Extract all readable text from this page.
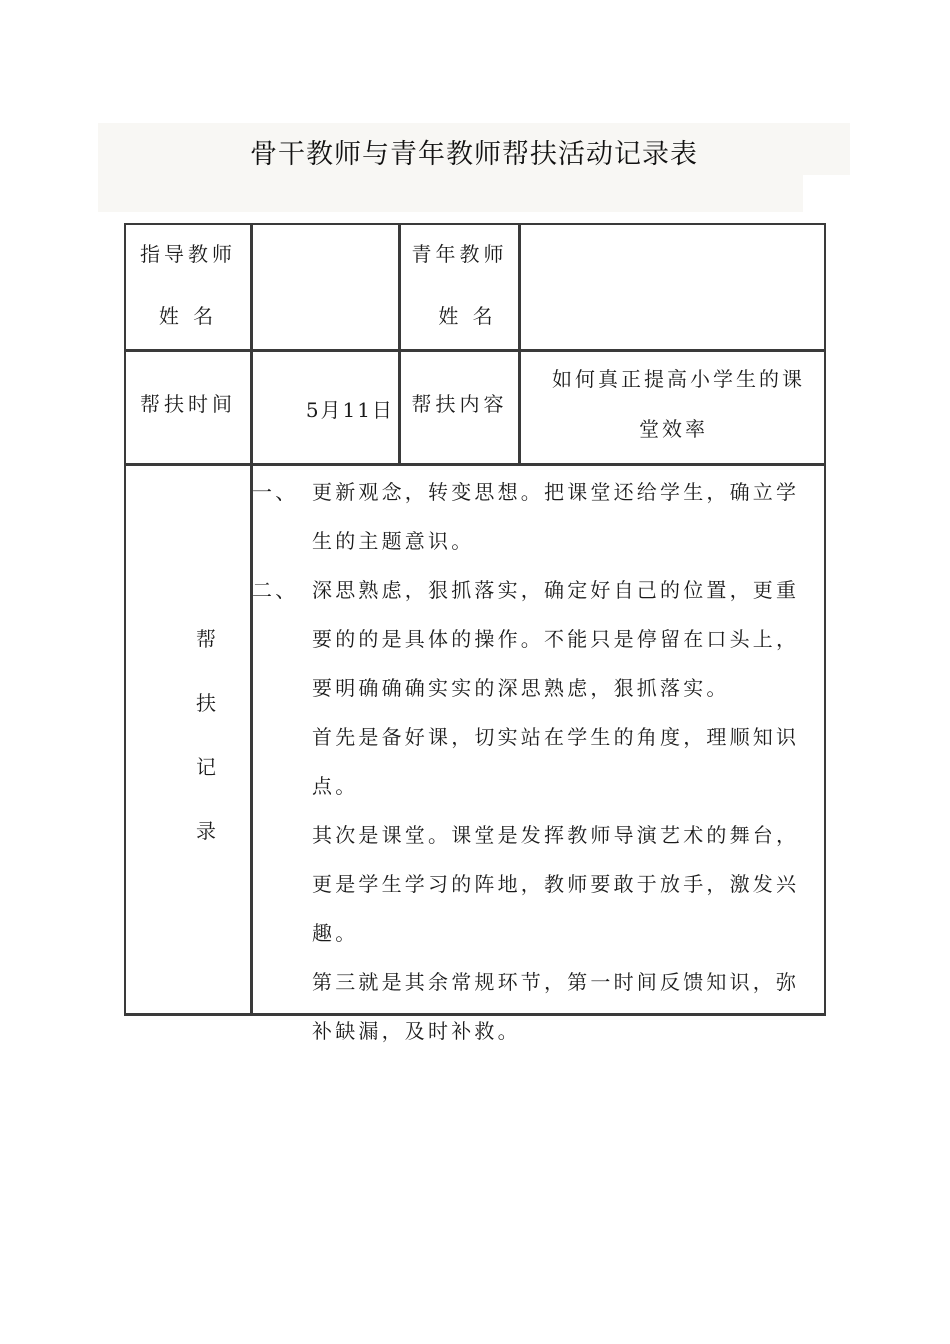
骨干教师与青年教师帮扶活动记录表
指导教师
姓 名
青年教师
姓 名
帮扶时间	5月11日 帮扶内容
如何真正提高小学生的课
堂效率
帮
扶
记
录
一、 更新观念，转变思想。把课堂还给学生，确立学生的主题意识。
二、 深思熟虑，狠抓落实，确定好自己的位置，更重要的的是具体的操作。不能只是停留在口头上，要明确确确实实的深思熟虑，狠抓落实。
首先是备好课，切实站在学生的角度，理顺知识点。
其次是课堂。课堂是发挥教师导演艺术的舞台，更是学生学习的阵地，教师要敢于放手，激发兴趣。
第三就是其余常规环节，第一时间反馈知识，弥补缺漏，及时补救。
